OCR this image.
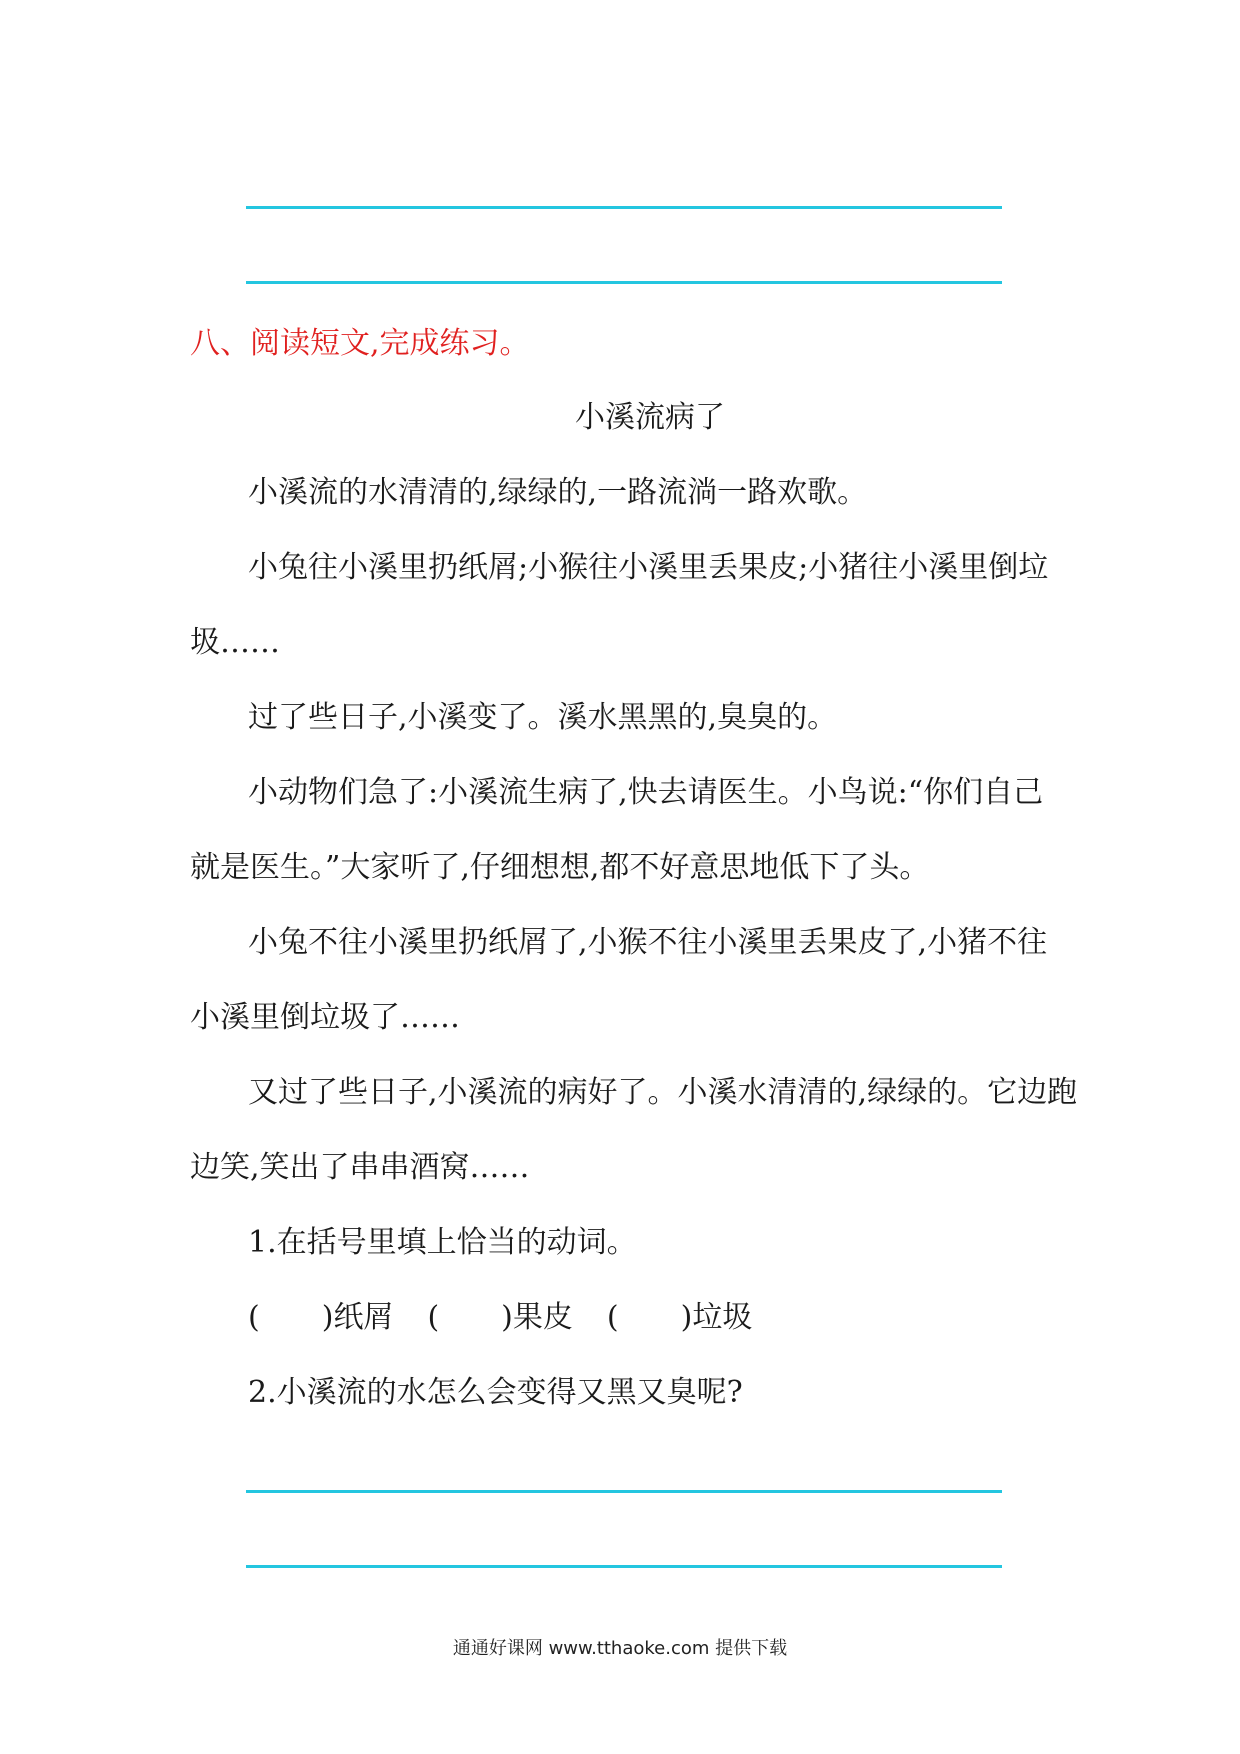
八、阅读短文,完成练习。
小溪流病了
小溪流的水清清的,绿绿的,一路流淌一路欢歌。
小兔往小溪里扔纸屑;小猴往小溪里丢果皮;小猪往小溪里倒垃
圾……
过了些日子,小溪变了。溪水黑黑的,臭臭的。
小动物们急了:小溪流生病了,快去请医生。小鸟说:“你们自己
就是医生。”大家听了,仔细想想,都不好意思地低下了头。
小兔不往小溪里扔纸屑了,小猴不往小溪里丢果皮了,小猪不往
小溪里倒垃圾了……
又过了些日子,小溪流的病好了。小溪水清清的,绿绿的。它边跑
边笑,笑出了串串酒窝……
1.在括号里填上恰当的动词。
( ) 纸屑 ( ) 果皮 ( ) 垃圾
2.小溪流的水怎么会变得又黑又臭呢?
通通好课网 www.tthaoke.com 提供下载
